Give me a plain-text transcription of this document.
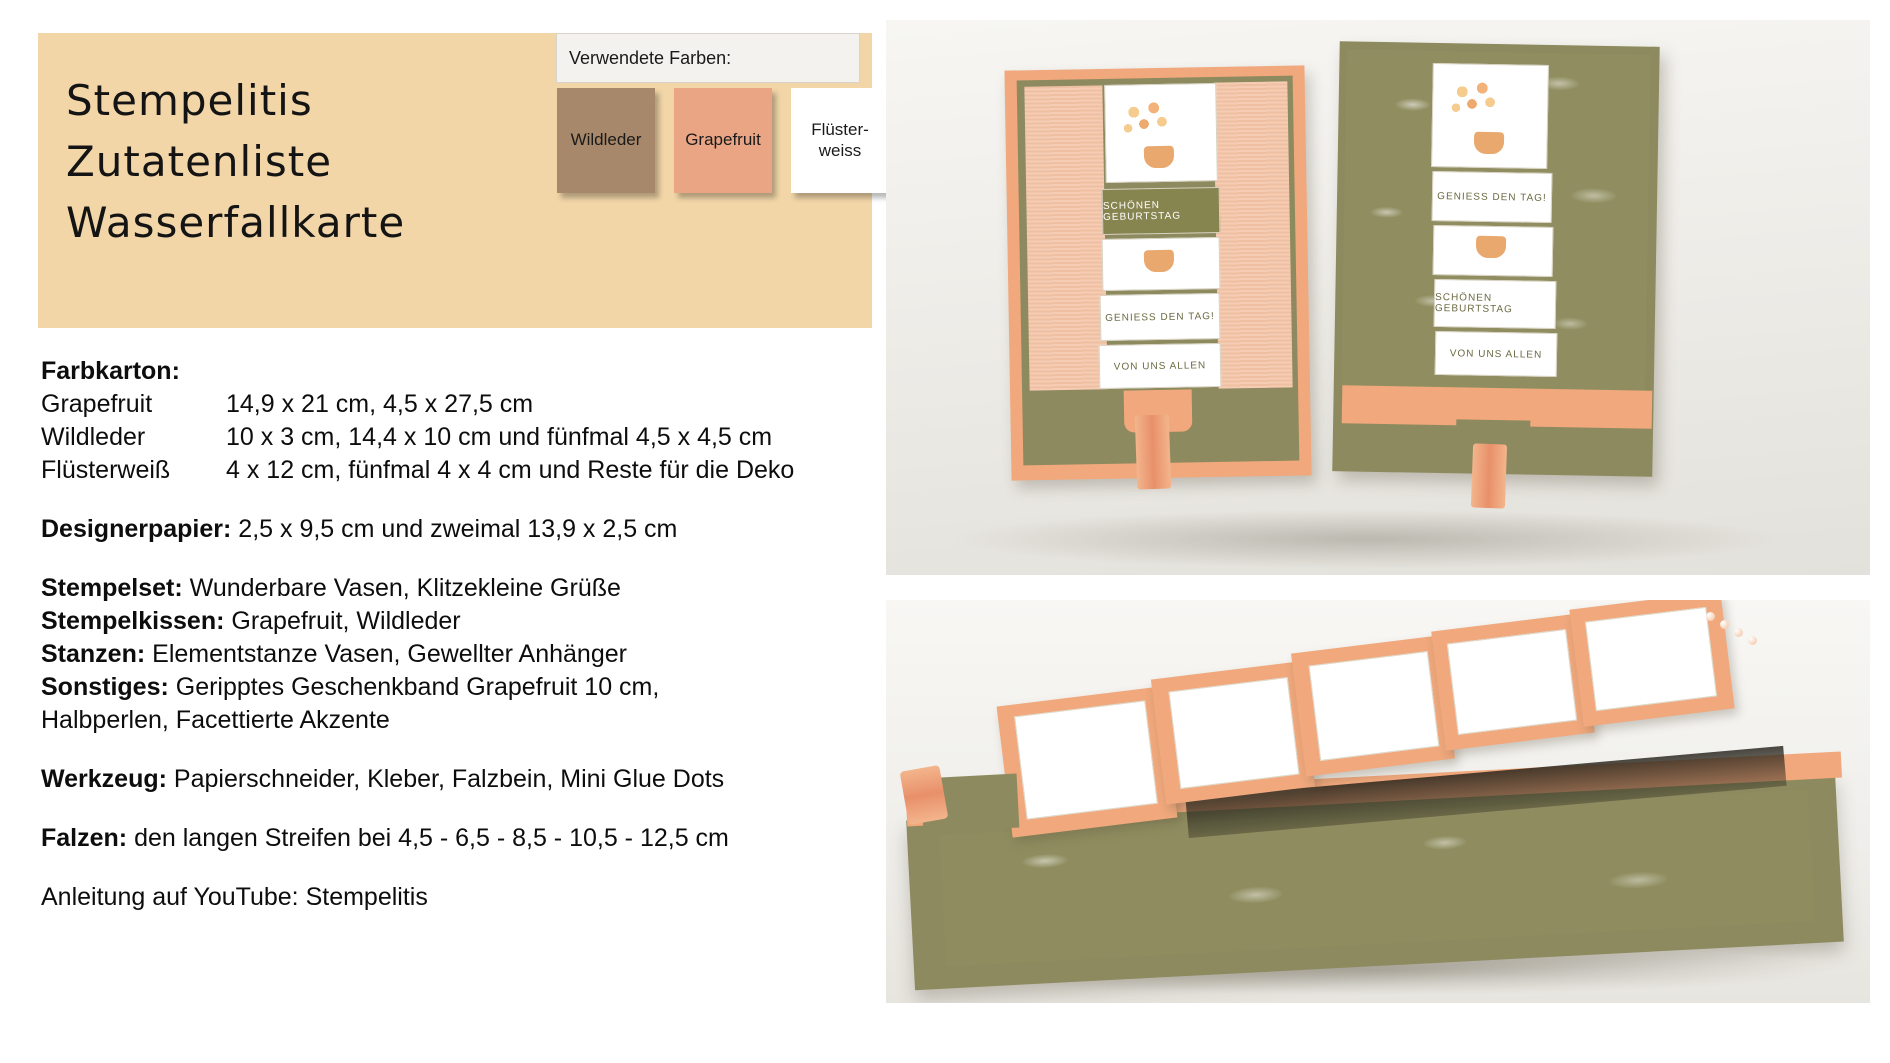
Stempelitis
Zutatenliste
Wasserfallkarte
Verwendete Farben:
Wildleder	Grapefruit
Flüster-
weiss

Farbkarton:

Grapefruit	14,9 x 21 cm, 4,5 x 27,5 cm
Wildleder	10 x 3 cm, 14,4 x 10 cm und fünfmal 4,5 x 4,5 cm
Flüsterweiß	4 x 12 cm, fünfmal 4 x 4 cm und Reste für die Deko

Designerpapier: 2,5 x 9,5 cm und zweimal 13,9 x 2,5 cm

Stempelset: Wunderbare Vasen, Klitzekleine Grüße

Stempelkissen: Grapefruit, Wildleder

Stanzen: Elementstanze Vasen, Gewellter Anhänger

Sonstiges: Geripptes Geschenkband Grapefruit 10 cm,

Halbperlen, Facettierte Akzente

Werkzeug: Papierschneider, Kleber, Falzbein, Mini Glue Dots

Falzen: den langen Streifen bei 4,5 - 6,5 - 8,5 - 10,5 - 12,5 cm

Anleitung auf YouTube: Stempelitis

SCHÖNEN GEBURTSTAG
GENIESS DEN TAG!
VON UNS ALLEN
GENIESS DEN TAG!
SCHÖNEN GEBURTSTAG
VON UNS ALLEN
